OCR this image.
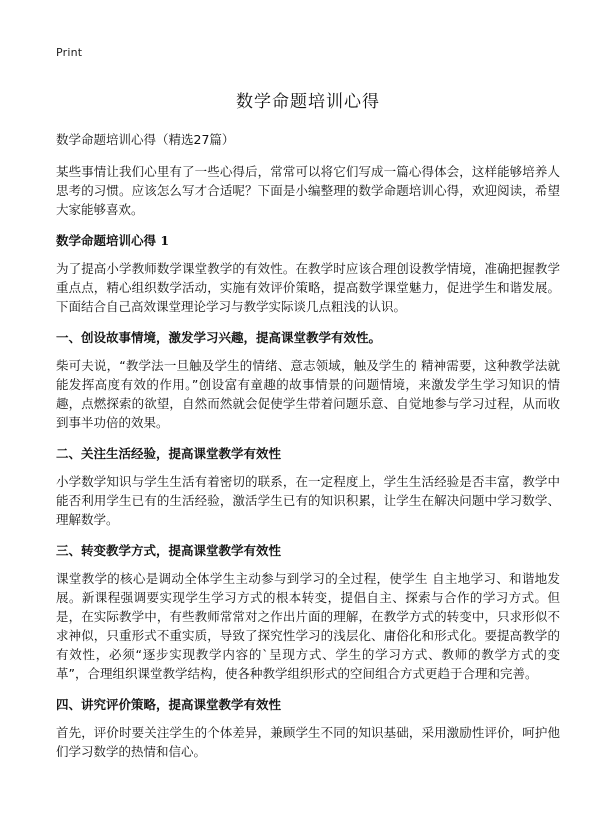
Print
数学命题培训心得
数学命题培训心得（精选27篇）

某些事情让我们心里有了一些心得后，常常可以将它们写成一篇心得体会，这样能够培养人思考的习惯。应该怎么写才合适呢？下面是小编整理的数学命题培训心得，欢迎阅读，希望大家能够喜欢。

数学命题培训心得 1

为了提高小学教师数学课堂教学的有效性。在教学时应该合理创设教学情境，准确把握教学重点点，精心组织数学活动，实施有效评价策略，提高数学课堂魅力，促进学生和谐发展。下面结合自己高效课堂理论学习与教学实际谈几点粗浅的认识。

一、创设故事情境，激发学习兴趣，提高课堂教学有效性。

柴可夫说，“教学法一旦触及学生的情绪、意志领域，触及学生的 精神需要，这种教学法就能发挥高度有效的作用。”创设富有童趣的故事情景的问题情境，来激发学生学习知识的情趣，点燃探索的欲望，自然而然就会促使学生带着问题乐意、自觉地参与学习过程，从而收到事半功倍的效果。

二、关注生活经验，提高课堂教学有效性

小学数学知识与学生生活有着密切的联系，在一定程度上，学生生活经验是否丰富，教学中能否利用学生已有的生活经验，激活学生已有的知识积累，让学生在解决问题中学习数学、理解数学。

三、转变教学方式，提高课堂教学有效性

课堂教学的核心是调动全体学生主动参与到学习的全过程，使学生 自主地学习、和谐地发展。新课程强调要实现学生学习方式的根本转变，提倡自主、探索与合作的学习方式。但是，在实际教学中，有些教师常常对之作出片面的理解，在教学方式的转变中，只求形似不求神似，只重形式不重实质，导致了探究性学习的浅层化、庸俗化和形式化。要提高教学的有效性，必须“逐步实现教学内容的`呈现方式、学生的学习方式、教师的教学方式的变革”，合理组织课堂教学结构，使各种教学组织形式的空间组合方式更趋于合理和完善。

四、讲究评价策略，提高课堂教学有效性

首先，评价时要关注学生的个体差异，兼顾学生不同的知识基础，采用激励性评价，呵护他们学习数学的热情和信心。
